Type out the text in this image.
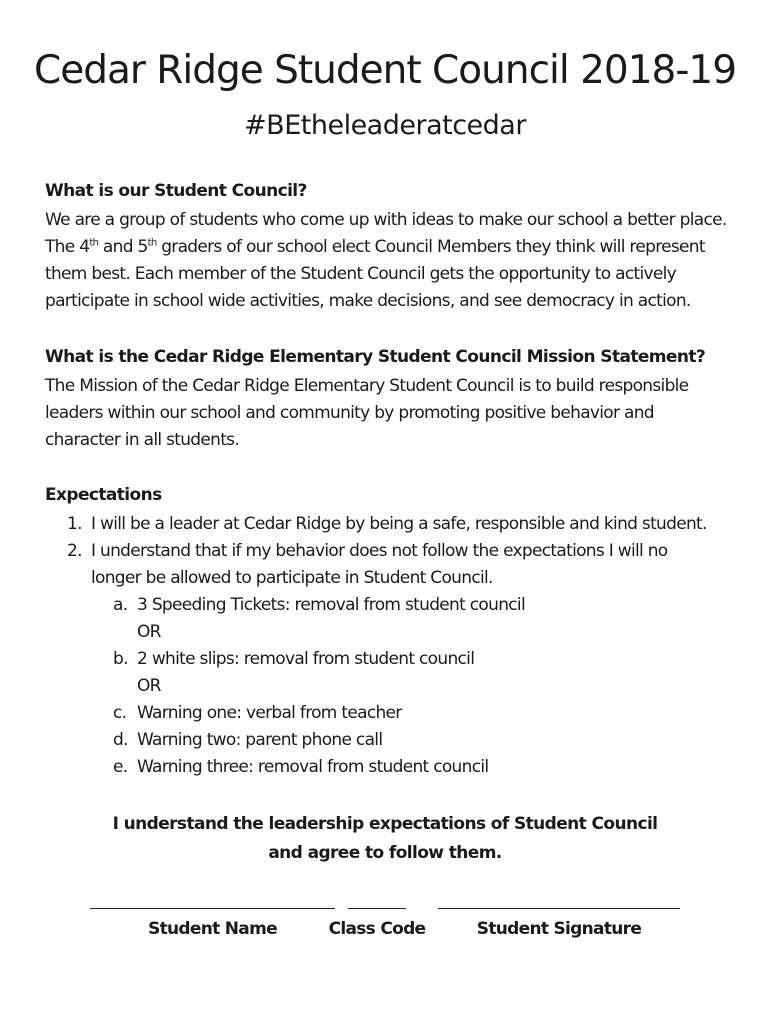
Cedar Ridge Student Council 2018-19
#BEtheleaderatcedar
What is our Student Council?

We are a group of students who come up with ideas to make our school a better place.
The 4th and 5th graders of our school elect Council Members they think will represent
them best. Each member of the Student Council gets the opportunity to actively
participate in school wide activities, make decisions, and see democracy in action.

What is the Cedar Ridge Elementary Student Council Mission Statement?

The Mission of the Cedar Ridge Elementary Student Council is to build responsible leaders within our school and community by promoting positive behavior and character in all students.

Expectations
1. I will be a leader at Cedar Ridge by being a safe, responsible and kind student.
2. I understand that if my behavior does not follow the expectations I will no longer be allowed to participate in Student Council.
a. 3 Speeding Tickets: removal from student council
OR
b. 2 white slips: removal from student council
OR
c. Warning one: verbal from teacher
d. Warning two: parent phone call
e. Warning three: removal from student council
I understand the leadership expectations of Student Council
and agree to follow them.
Student Name	Class Code	Student Signature
